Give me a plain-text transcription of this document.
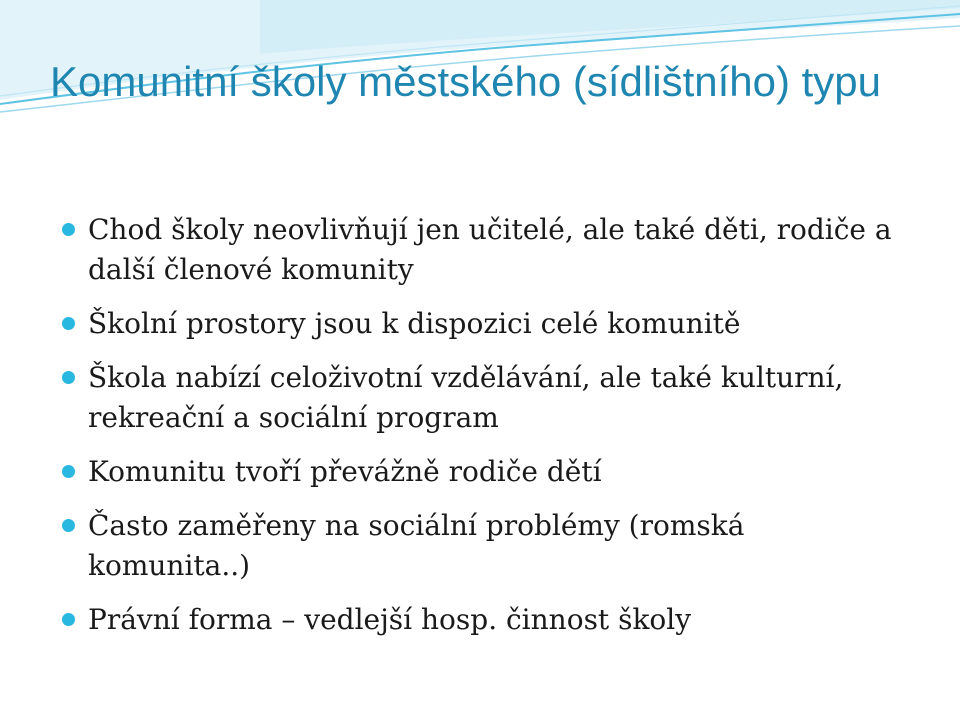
Komunitní školy městského (sídlištního) typu
Chod školy neovlivňují jen učitelé, ale také děti, rodiče a další členové komunity
Školní prostory jsou k dispozici celé komunitě
Škola nabízí celoživotní vzdělávání, ale také kulturní, rekreační a sociální program
Komunitu tvoří převážně rodiče dětí
Často zaměřeny na sociální problémy (romská komunita..)
Právní forma – vedlejší hosp. činnost školy
